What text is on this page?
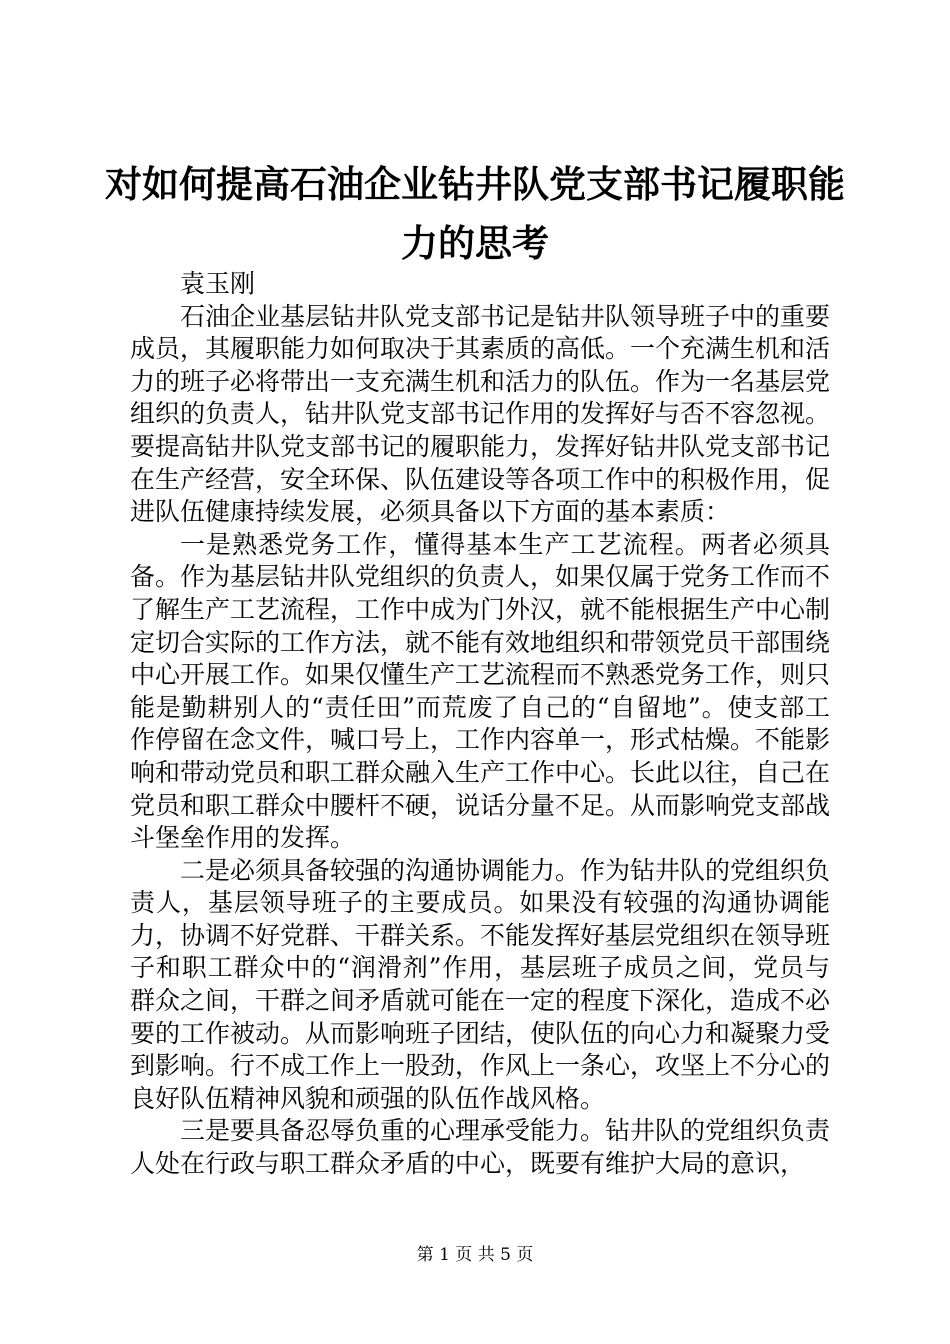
对如何提高石油企业钻井队党支部书记履职能
力的思考

袁玉刚

石油企业基层钻井队党支部书记是钻井队领导班子中的重要成员，其履职能力如何取决于其素质的高低。一个充满生机和活力的班子必将带出一支充满生机和活力的队伍。作为一名基层党组织的负责人，钻井队党支部书记作用的发挥好与否不容忽视。要提高钻井队党支部书记的履职能力，发挥好钻井队党支部书记在生产经营，安全环保、队伍建设等各项工作中的积极作用，促进队伍健康持续发展，必须具备以下方面的基本素质：

一是熟悉党务工作，懂得基本生产工艺流程。两者必须具备。作为基层钻井队党组织的负责人，如果仅属于党务工作而不了解生产工艺流程，工作中成为门外汉，就不能根据生产中心制定切合实际的工作方法，就不能有效地组织和带领党员干部围绕中心开展工作。如果仅懂生产工艺流程而不熟悉党务工作，则只能是勤耕别人的“责任田”而荒废了自己的“自留地”。使支部工作停留在念文件，喊口号上，工作内容单一，形式枯燥。不能影响和带动党员和职工群众融入生产工作中心。长此以往，自己在党员和职工群众中腰杆不硬，说话分量不足。从而影响党支部战斗堡垒作用的发挥。

二是必须具备较强的沟通协调能力。作为钻井队的党组织负责人，基层领导班子的主要成员。如果没有较强的沟通协调能力，协调不好党群、干群关系。不能发挥好基层党组织在领导班子和职工群众中的“润滑剂”作用，基层班子成员之间，党员与群众之间，干群之间矛盾就可能在一定的程度下深化，造成不必要的工作被动。从而影响班子团结，使队伍的向心力和凝聚力受到影响。行不成工作上一股劲，作风上一条心，攻坚上不分心的良好队伍精神风貌和顽强的队伍作战风格。

三是要具备忍辱负重的心理承受能力。钻井队的党组织负责人处在行政与职工群众矛盾的中心，既要有维护大局的意识，

第 1 页 共 5 页
